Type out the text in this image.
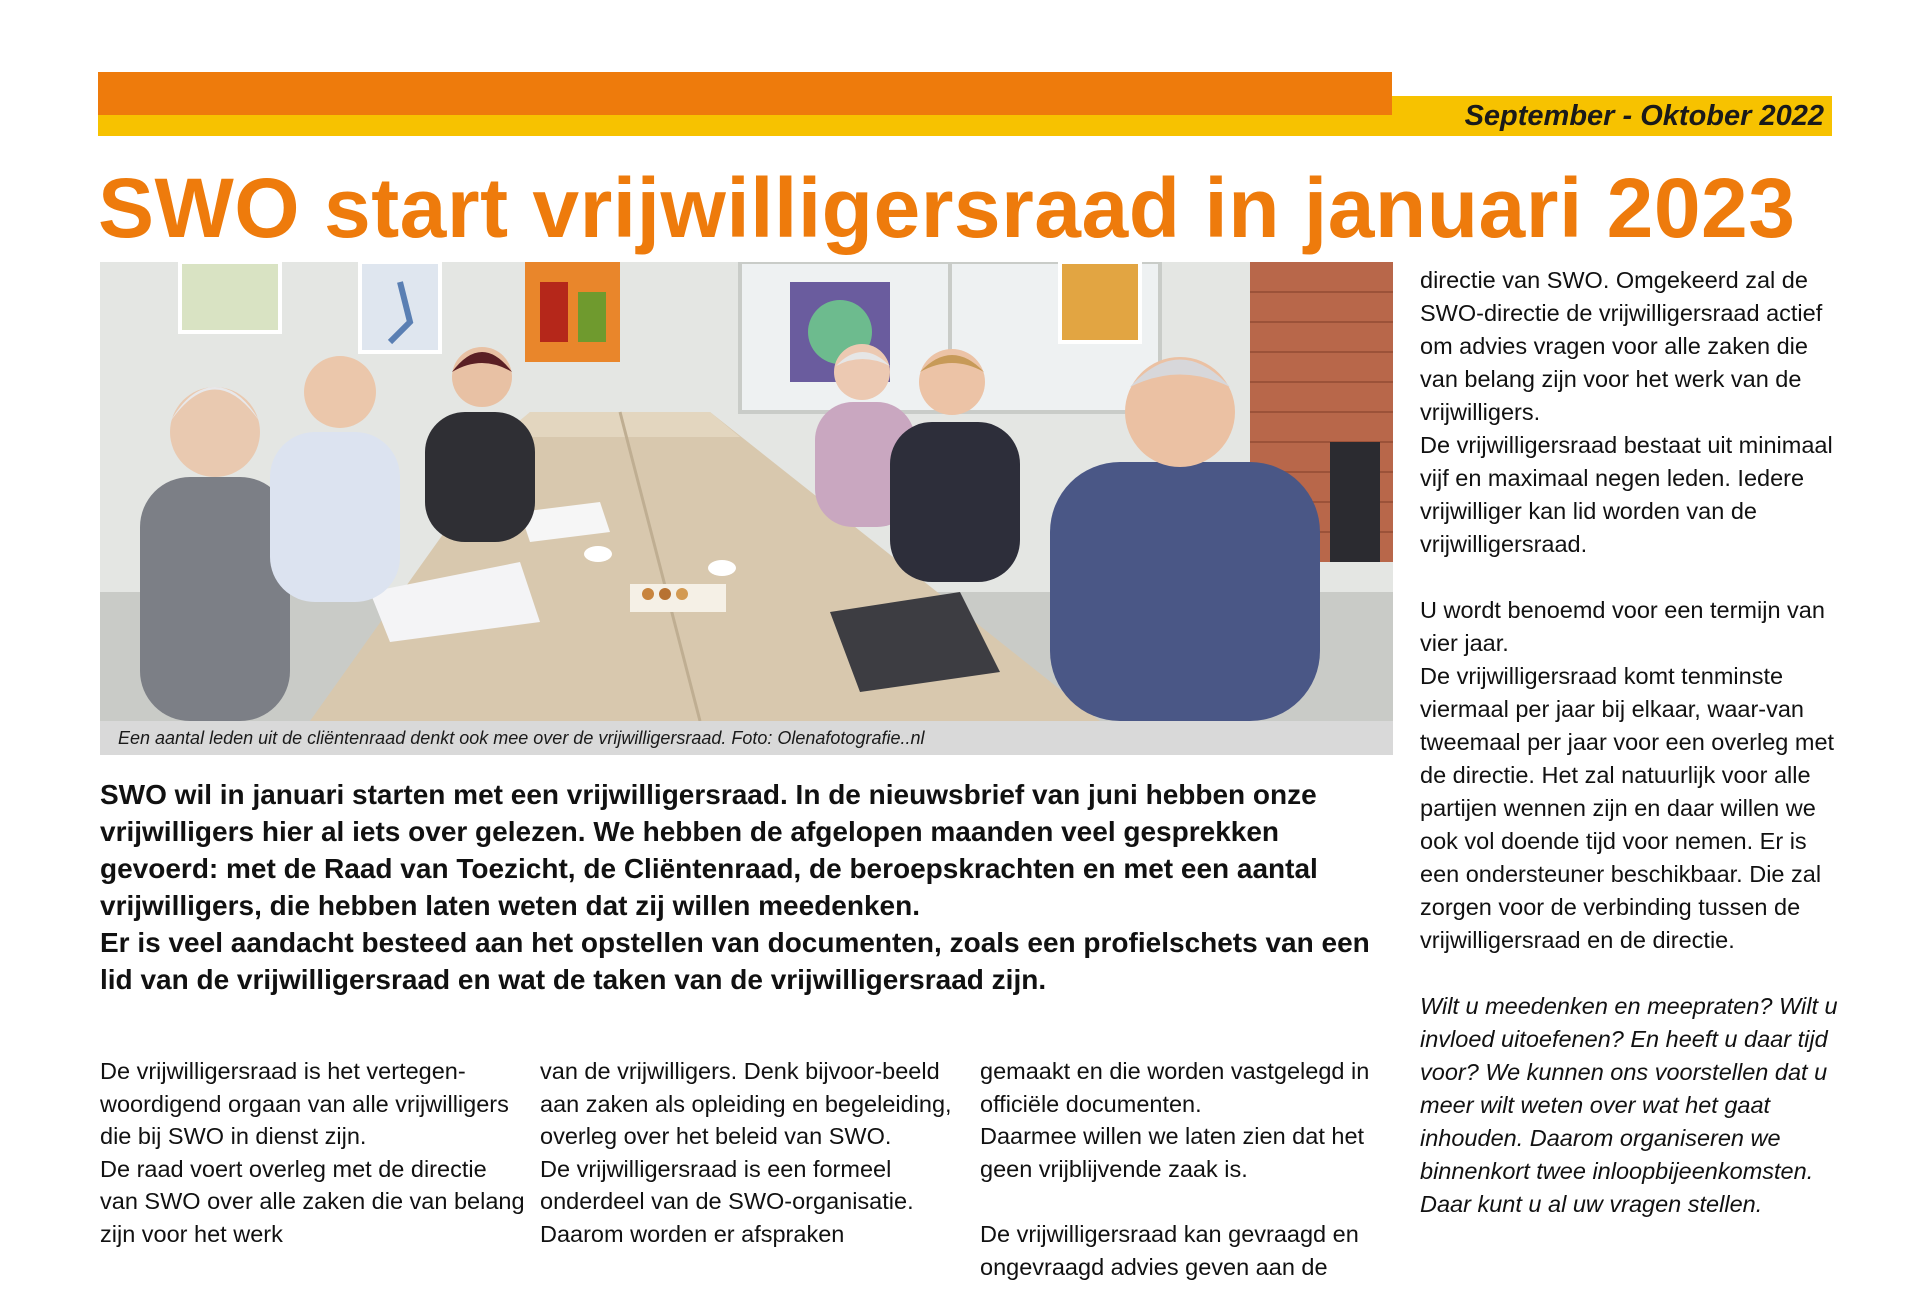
September - Oktober 2022
SWO start vrijwilligersraad in januari 2023
Een aantal leden uit de cliëntenraad denkt ook mee over de vrijwilligersraad. Foto: Olenafotografie..nl

SWO wil in januari starten met een vrijwilligersraad. In de nieuwsbrief van juni hebben onze vrijwilligers hier al iets over gelezen. We hebben de afgelopen maanden veel gesprekken gevoerd: met de Raad van Toezicht, de Cliëntenraad, de beroepskrachten en met een aantal vrijwilligers, die hebben laten weten dat zij willen meedenken.

Er is veel aandacht besteed aan het opstellen van documenten, zoals een profielschets van een lid van de vrijwilligersraad en wat de taken van de vrijwilligersraad zijn.

De vrijwilligersraad is het vertegen-woordigend orgaan van alle vrijwilligers die bij SWO in dienst zijn.

De raad voert overleg met de directie van SWO over alle zaken die van belang zijn voor het werk

van de vrijwilligers. Denk bijvoor-beeld aan zaken als opleiding en begeleiding, overleg over het beleid van SWO.

De vrijwilligersraad is een formeel onderdeel van de SWO-organisatie. Daarom worden er afspraken

gemaakt en die worden vastgelegd in officiële documenten.

Daarmee willen we laten zien dat het geen vrijblijvende zaak is.

De vrijwilligersraad kan gevraagd en ongevraagd advies geven aan de

directie van SWO. Omgekeerd zal de SWO-directie de vrijwilligersraad actief om advies vragen voor alle zaken die van belang zijn voor het werk van de vrijwilligers.

De vrijwilligersraad bestaat uit minimaal vijf en maximaal negen leden. Iedere vrijwilliger kan lid worden van de vrijwilligersraad.

U wordt benoemd voor een termijn van vier jaar.

De vrijwilligersraad komt tenminste viermaal per jaar bij elkaar, waar-van tweemaal per jaar voor een overleg met de directie. Het zal natuurlijk voor alle partijen wennen zijn en daar willen we ook vol doende tijd voor nemen. Er is een ondersteuner beschikbaar. Die zal zorgen voor de verbinding tussen de vrijwilligersraad en de directie.

Wilt u meedenken en meepraten? Wilt u invloed uitoefenen? En heeft u daar tijd voor? We kunnen ons voorstellen dat u meer wilt weten over wat het gaat inhouden. Daarom organiseren we binnenkort twee inloopbijeenkomsten. Daar kunt u al uw vragen stellen.
